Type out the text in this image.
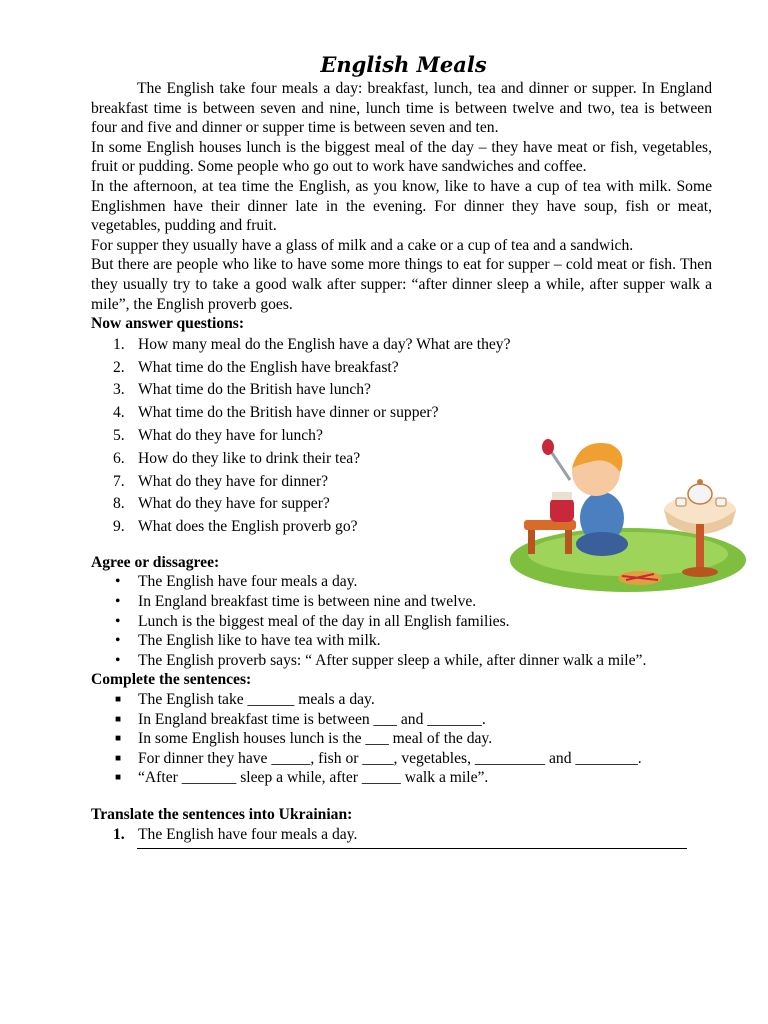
English Meals

The English take four meals a day: breakfast, lunch, tea and dinner or supper. In England breakfast time is between seven and nine, lunch time is between twelve and two, tea is between four and five and dinner or supper time is between seven and ten.

In some English houses lunch is the biggest meal of the day – they have meat or fish, vegetables, fruit or pudding. Some people who go out to work have sandwiches and coffee.

In the afternoon, at tea time the English, as you know, like to have a cup of tea with milk. Some Englishmen have their dinner late in the evening. For dinner they have soup, fish or meat, vegetables, pudding and fruit.

For supper they usually have a glass of milk and a cake or a cup of tea and a sandwich.

But there are people who like to have some more things to eat for supper – cold meat or fish. Then they usually try to take a good walk after supper: “after dinner sleep a while, after supper walk a mile”, the English proverb goes.

Now answer questions:

1. How many meal do the English have a day? What are they?
2. What time do the English have breakfast?
3. What time do the British have lunch?
4. What time do the British have dinner or supper?
5. What do they have for lunch?
6. How do they like to drink their tea?
7. What do they have for dinner?
8. What do they have for supper?
9. What does the English proverb go?

Agree or dissagree:

• The English have four meals a day.
• In England breakfast time is between nine and twelve.
• Lunch is the biggest meal of the day in all English families.
• The English like to have tea with milk.
• The English proverb says: “ After supper sleep a while, after dinner walk a mile”.

Complete the sentences:

■ The English take ______ meals a day.
■ In England breakfast time is between ___ and _______.
■ In some English houses lunch is the ___ meal of the day.
■ For dinner they have _____, fish or ____, vegetables, _________ and ________.
■ “After _______ sleep a while, after _____ walk a mile”.

Translate the sentences into Ukrainian:

1. The English have four meals a day.
